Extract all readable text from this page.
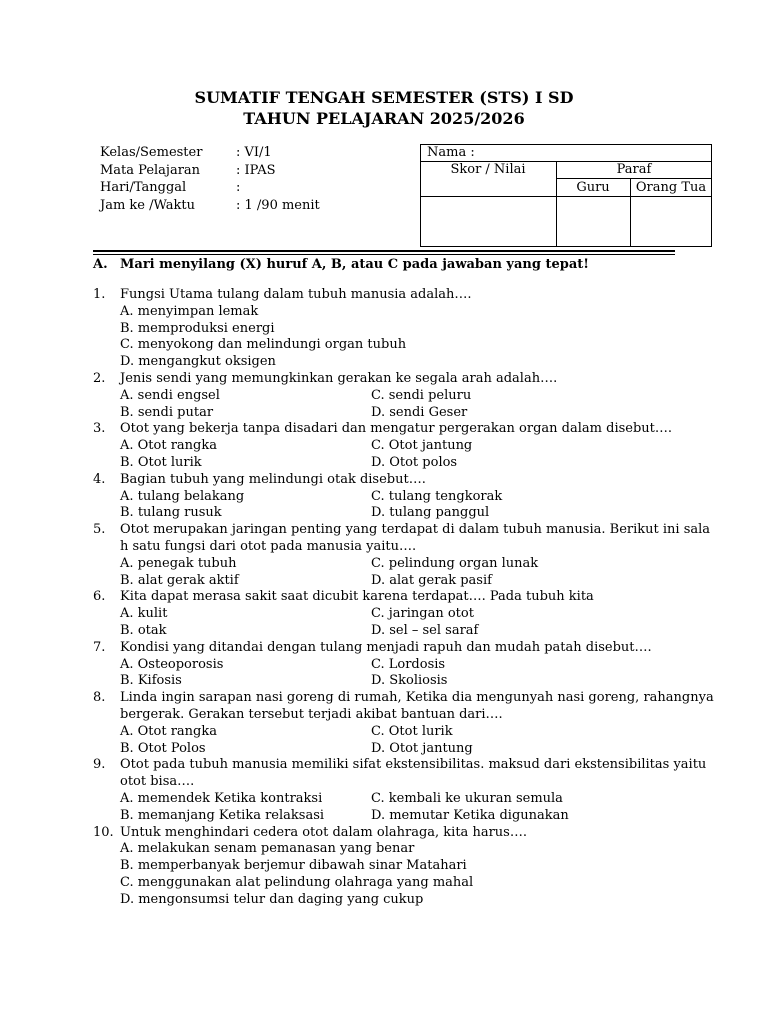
SUMATIF TENGAH SEMESTER (STS) I SD
TAHUN PELAJARAN 2025/2026
Kelas/Semester	: VI/1
Mata Pelajaran	: IPAS
Hari/Tanggal	:
Jam ke /Waktu	: 1 /90 menit
Nama :
Skor / Nilai	Paraf
Guru	Orang Tua
A. Mari menyilang (X) huruf A, B, atau C pada jawaban yang tepat!
1. Fungsi Utama tulang dalam tubuh manusia adalah….
A. menyimpan lemak
B. memproduksi energi
C. menyokong dan melindungi organ tubuh
D. mengangkut oksigen
2. Jenis sendi yang memungkinkan gerakan ke segala arah adalah….
A. sendi engsel	C. sendi peluru
B. sendi putar	D. sendi Geser
3. Otot yang bekerja tanpa disadari dan mengatur pergerakan organ dalam disebut….
A. Otot rangka	C. Otot jantung
B. Otot lurik	D. Otot polos
4. Bagian tubuh yang melindungi otak disebut….
A. tulang belakang	C. tulang tengkorak
B. tulang rusuk	D. tulang panggul
5. Otot merupakan jaringan penting yang terdapat di dalam tubuh manusia. Berikut ini sala
h satu fungsi dari otot pada manusia yaitu….
A. penegak tubuh	C. pelindung organ lunak
B. alat gerak aktif	D. alat gerak pasif
6. Kita dapat merasa sakit saat dicubit karena terdapat…. Pada tubuh kita
A. kulit	C. jaringan otot
B. otak	D. sel – sel saraf
7. Kondisi yang ditandai dengan tulang menjadi rapuh dan mudah patah disebut….
A. Osteoporosis	C. Lordosis
B. Kifosis	D. Skoliosis
8. Linda ingin sarapan nasi goreng di rumah, Ketika dia mengunyah nasi goreng, rahangnya
bergerak. Gerakan tersebut terjadi akibat bantuan dari….
A. Otot rangka	C. Otot lurik
B. Otot Polos	D. Otot jantung
9. Otot pada tubuh manusia memiliki sifat ekstensibilitas. maksud dari ekstensibilitas yaitu
otot bisa….
A. memendek Ketika kontraksi	C. kembali ke ukuran semula
B. memanjang Ketika relaksasi	D. memutar Ketika digunakan
10. Untuk menghindari cedera otot dalam olahraga, kita harus….
A. melakukan senam pemanasan yang benar
B. memperbanyak berjemur dibawah sinar Matahari
C. menggunakan alat pelindung olahraga yang mahal
D. mengonsumsi telur dan daging yang cukup
